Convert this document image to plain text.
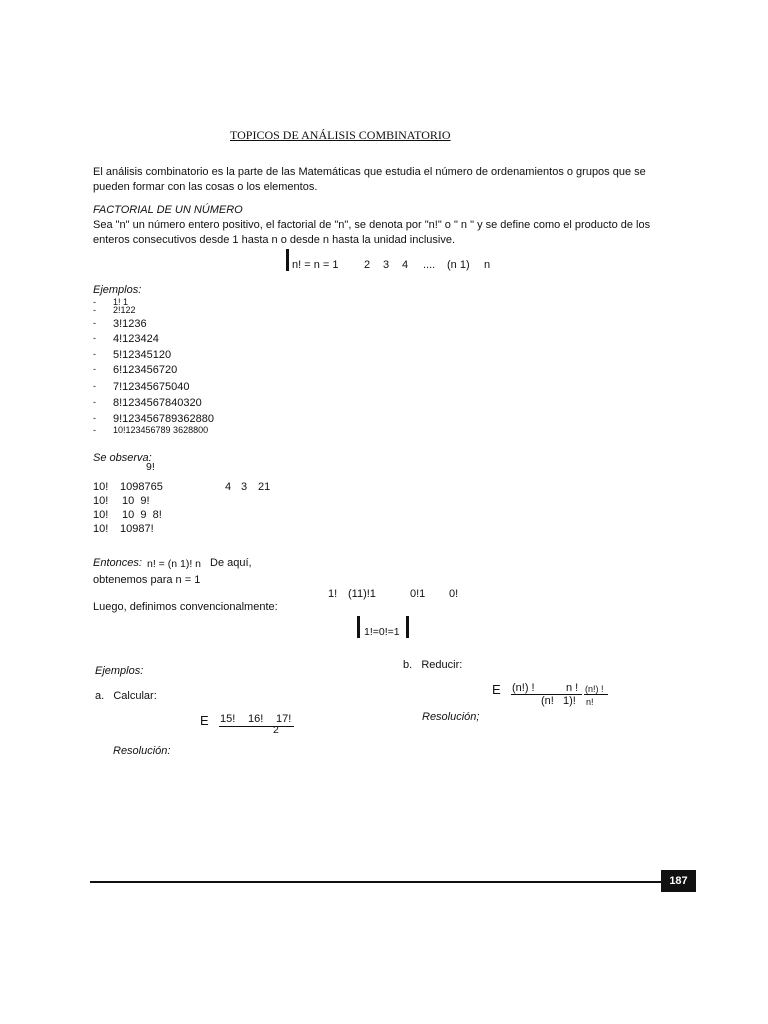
TOPICOS DE ANÁLISIS COMBINATORIO
El análisis combinatorio es la parte de las Matemáticas que estudia el número de ordenamientos o grupos que se pueden formar con las cosas o los elementos.
FACTORIAL DE UN NÚMERO
Sea "n" un número entero positivo, el factorial de "n", se denota por "n!" o " n " y se define como el producto de los enteros consecutivos desde 1 hasta n o desde n hasta la unidad inclusive.
n! = n = 1 2 3 4 .... (n 1) n
Ejemplos:
- 1! 1
- 2!122
- 3!1236
- 4!123424
- 5!12345120
- 6!123456720
- 7!12345675040
- 8!1234567840320
- 9!123456789362880
- 10!123456789 3628800
Se observa:
9!
10! 1098765	4 3 21
10! 10  9!
10! 10  9  8!
10! 10987!
Entonces: n! = (n 1)! n De aquí,
obtenemos para n = 1
1! (11)!1	0!1 0!
Luego, definimos convencionalmente:
1!=0!=1
Ejemplos:
a.   Calcular:
E 15! 16! 17!
2
Resolución:
b.   Reducir:
E (n!) !	n !
(n!   1)!
(n!) !
n!
Resolución;
187
